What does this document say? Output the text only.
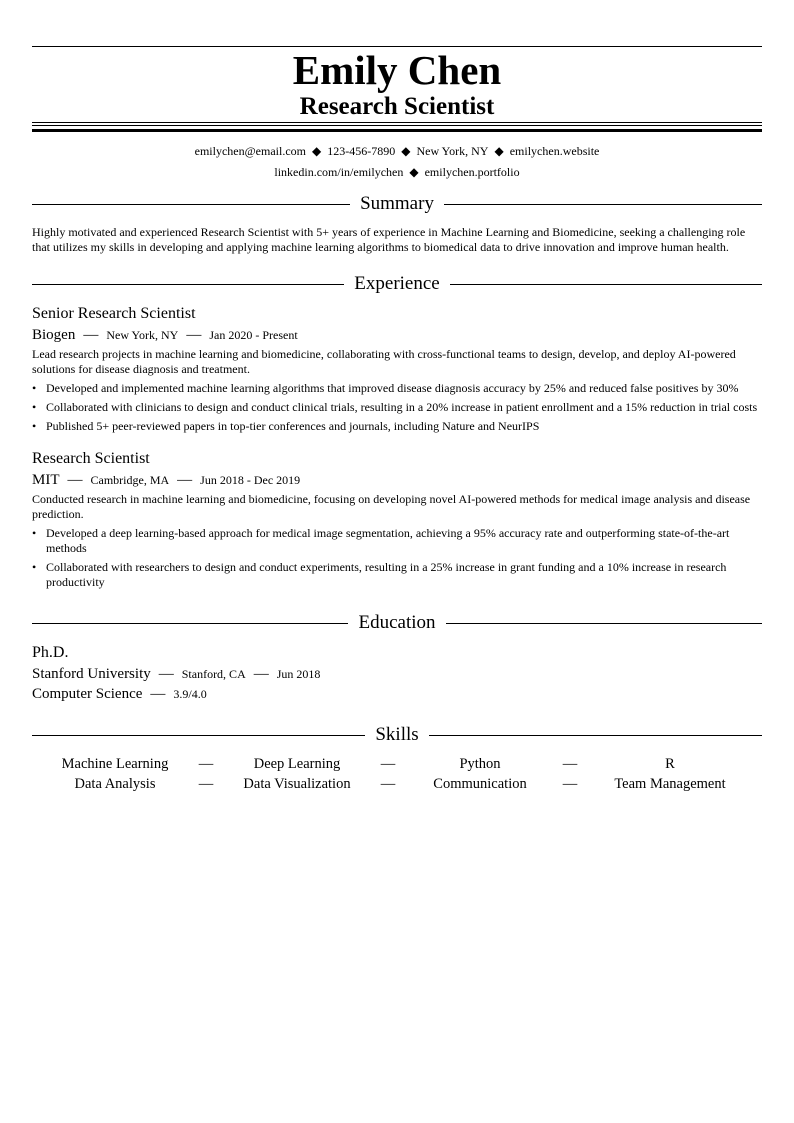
Emily Chen
Research Scientist
emilychen@email.com ◆ 123-456-7890 ◆ New York, NY ◆ emilychen.website
linkedin.com/in/emilychen ◆ emilychen.portfolio
Summary
Highly motivated and experienced Research Scientist with 5+ years of experience in Machine Learning and Biomedicine, seeking a challenging role that utilizes my skills in developing and applying machine learning algorithms to biomedical data to drive innovation and improve human health.
Experience
Senior Research Scientist
Biogen — New York, NY — Jan 2020 - Present
Lead research projects in machine learning and biomedicine, collaborating with cross-functional teams to design, develop, and deploy AI-powered solutions for disease diagnosis and treatment.
• Developed and implemented machine learning algorithms that improved disease diagnosis accuracy by 25% and reduced false positives by 30%
• Collaborated with clinicians to design and conduct clinical trials, resulting in a 20% increase in patient enrollment and a 15% reduction in trial costs
• Published 5+ peer-reviewed papers in top-tier conferences and journals, including Nature and NeurIPS
Research Scientist
MIT — Cambridge, MA — Jun 2018 - Dec 2019
Conducted research in machine learning and biomedicine, focusing on developing novel AI-powered methods for medical image analysis and disease prediction.
• Developed a deep learning-based approach for medical image segmentation, achieving a 95% accuracy rate and outperforming state-of-the-art methods
• Collaborated with researchers to design and conduct experiments, resulting in a 25% increase in grant funding and a 10% increase in research productivity
Education
Ph.D.
Stanford University — Stanford, CA — Jun 2018
Computer Science — 3.9/4.0
Skills
Machine Learning	—	Deep Learning	—	Python	—	R
Data Analysis	—	Data Visualization	—	Communication	—	Team Management
